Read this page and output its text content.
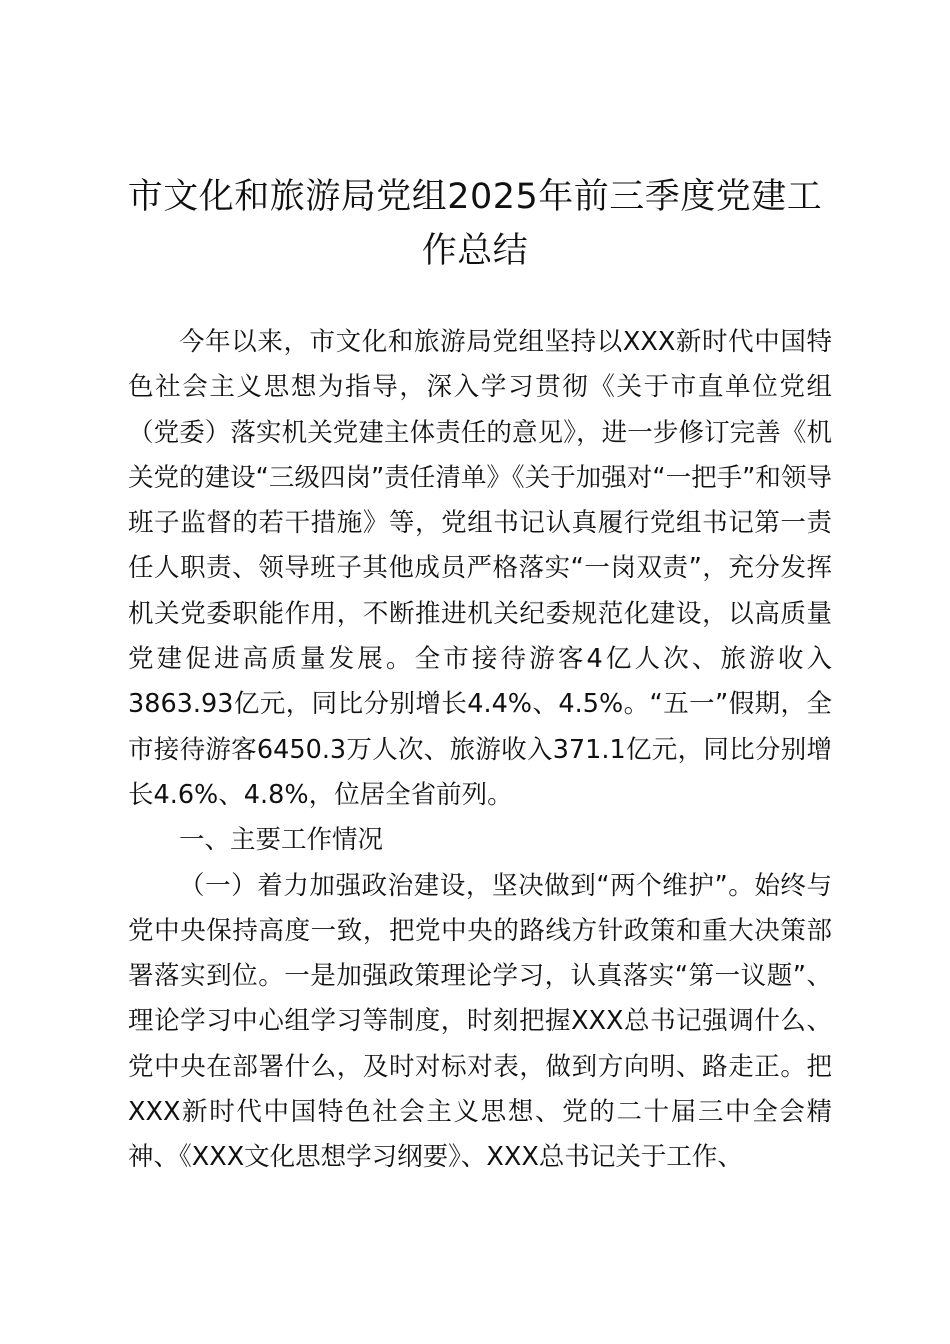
市文化和旅游局党组2025年前三季度党建工作总结

今年以来，市文化和旅游局党组坚持以XXX新时代中国特色社会主义思想为指导，深入学习贯彻《关于市直单位党组（党委）落实机关党建主体责任的意见》，进一步修订完善《机关党的建设“三级四岗”责任清单》《关于加强对“一把手”和领导班子监督的若干措施》等，党组书记认真履行党组书记第一责任人职责、领导班子其他成员严格落实“一岗双责”，充分发挥机关党委职能作用，不断推进机关纪委规范化建设，以高质量党建促进高质量发展。全市接待游客4亿人次、旅游收入3863.93亿元，同比分别增长4.4%、4.5%。“五一”假期，全市接待游客6450.3万人次、旅游收入371.1亿元，同比分别增长4.6%、4.8%，位居全省前列。

一、主要工作情况

（一）着力加强政治建设，坚决做到“两个维护”。始终与党中央保持高度一致，把党中央的路线方针政策和重大决策部署落实到位。一是加强政策理论学习，认真落实“第一议题”、理论学习中心组学习等制度，时刻把握XXX总书记强调什么、党中央在部署什么，及时对标对表，做到方向明、路走正。把XXX新时代中国特色社会主义思想、党的二十届三中全会精神、《XXX文化思想学习纲要》、XXX总书记关于工作、
